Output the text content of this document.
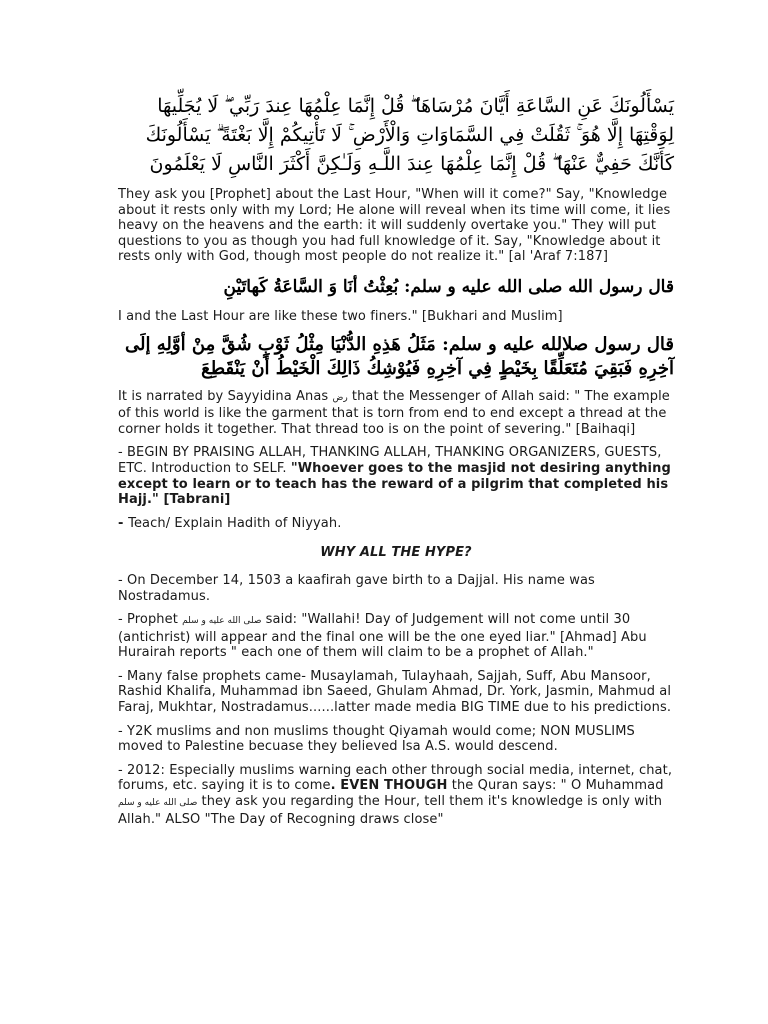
يَسْأَلُونَكَ عَنِ السَّاعَةِ أَيَّانَ مُرْسَاهَا ۖ قُلْ إِنَّمَا عِلْمُهَا عِندَ رَبِّي ۖ لَا يُجَلِّيهَا لِوَقْتِهَا إِلَّا هُوَ ۚ ثَقُلَتْ فِي السَّمَاوَاتِ وَالْأَرْضِ ۚ لَا تَأْتِيكُمْ إِلَّا بَغْتَةً ۗ يَسْأَلُونَكَ كَأَنَّكَ حَفِيٌّ عَنْهَا ۖ قُلْ إِنَّمَا عِلْمُهَا عِندَ اللَّـهِ وَلَـٰكِنَّ أَكْثَرَ النَّاسِ لَا يَعْلَمُونَ

They ask you [Prophet] about the Last Hour, "When will it come?" Say, "Knowledge about it rests only with my Lord; He alone will reveal when its time will come, it lies heavy on the heavens and the earth: it will suddenly overtake you." They will put questions to you as though you had full knowledge of it. Say, "Knowledge about it rests only with God, though most people do not realize it." [al 'Araf 7:187]

قال رسول الله صلى الله عليه و سلم: بُعِثْتُ أنَا وَ السَّاعَةُ كَهاتَيْنِ

I and the Last Hour are like these two finers." [Bukhari and Muslim]

قال رسول صلالله عليه و سلم: مَثَلُ هَذِهِ الدُّنْيَا مِثْلُ ثَوْبٍ شُقَّ مِنْ أوَّلِهِ إلَى آخِرِهِ فَبَقِيَ مُتَعَلِّقًا بِخَيْطٍ فِي آخِرِهِ فَيُوْشِكُ ذَالِكَ الْخَيْطُ أَنْ يَنْقَطِعَ

It is narrated by Sayyidina Anas رض that the Messenger of Allah said: " The example of this world is like the garment that is torn from end to end except a thread at the corner holds it together. That thread too is on the point of severing." [Baihaqi]

- BEGIN BY PRAISING ALLAH, THANKING ALLAH, THANKING ORGANIZERS, GUESTS, ETC. Introduction to SELF. "Whoever goes to the masjid not desiring anything except to learn or to teach has the reward of a pilgrim that completed his Hajj." [Tabrani]

- Teach/ Explain Hadith of Niyyah.

WHY ALL THE HYPE?

- On December 14, 1503 a kaafirah gave birth to a Dajjal. His name was Nostradamus.

- Prophet صلى الله عليه و سلم said: "Wallahi! Day of Judgement will not come until 30 (antichrist) will appear and the final one will be the one eyed liar." [Ahmad] Abu Hurairah reports " each one of them will claim to be a prophet of Allah."

- Many false prophets came- Musaylamah, Tulayhaah, Sajjah, Suff, Abu Mansoor, Rashid Khalifa, Muhammad ibn Saeed, Ghulam Ahmad, Dr. York, Jasmin, Mahmud al Faraj, Mukhtar, Nostradamus......latter made media BIG TIME due to his predictions.

- Y2K muslims and non muslims thought Qiyamah would come; NON MUSLIMS moved to Palestine becuase they believed Isa A.S. would descend.

- 2012: Especially muslims warning each other through social media, internet, chat, forums, etc. saying it is to come. EVEN THOUGH the Quran says: " O Muhammad صلى الله عليه و سلم they ask you regarding the Hour, tell them it's knowledge is only with Allah." ALSO "The Day of Recogning draws close"
